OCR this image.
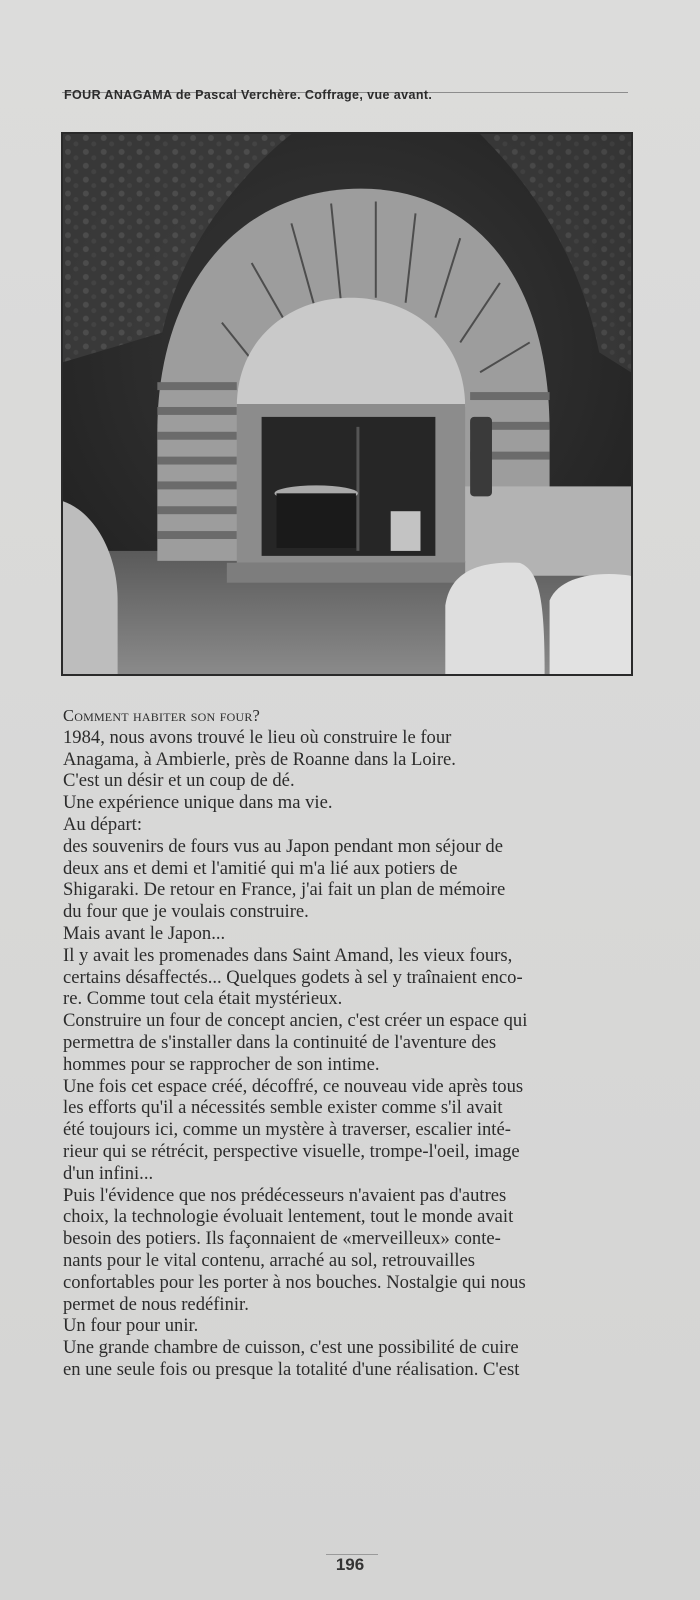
FOUR ANAGAMA de Pascal Verchère. Coffrage, vue avant.

Comment habiter son four?

1984, nous avons trouvé le lieu où construire le four

Anagama, à Ambierle, près de Roanne dans la Loire.

C'est un désir et un coup de dé.

Une expérience unique dans ma vie.

Au départ:

des souvenirs de fours vus au Japon pendant mon séjour de

deux ans et demi et l'amitié qui m'a lié aux potiers de

Shigaraki. De retour en France, j'ai fait un plan de mémoire

du four que je voulais construire.

Mais avant le Japon...

Il y avait les promenades dans Saint Amand, les vieux fours,

certains désaffectés... Quelques godets à sel y traînaient enco-

re. Comme tout cela était mystérieux.

Construire un four de concept ancien, c'est créer un espace qui

permettra de s'installer dans la continuité de l'aventure des

hommes pour se rapprocher de son intime.

Une fois cet espace créé, décoffré, ce nouveau vide après tous

les efforts qu'il a nécessités semble exister comme s'il avait

été toujours ici, comme un mystère à traverser, escalier inté-

rieur qui se rétrécit, perspective visuelle, trompe-l'oeil, image

d'un infini...

Puis l'évidence que nos prédécesseurs n'avaient pas d'autres

choix, la technologie évoluait lentement, tout le monde avait

besoin des potiers. Ils façonnaient de «merveilleux» conte-

nants pour le vital contenu, arraché au sol, retrouvailles

confortables pour les porter à nos bouches. Nostalgie qui nous

permet de nous redéfinir.

Un four pour unir.

Une grande chambre de cuisson, c'est une possibilité de cuire

en une seule fois ou presque la totalité d'une réalisation. C'est

196
